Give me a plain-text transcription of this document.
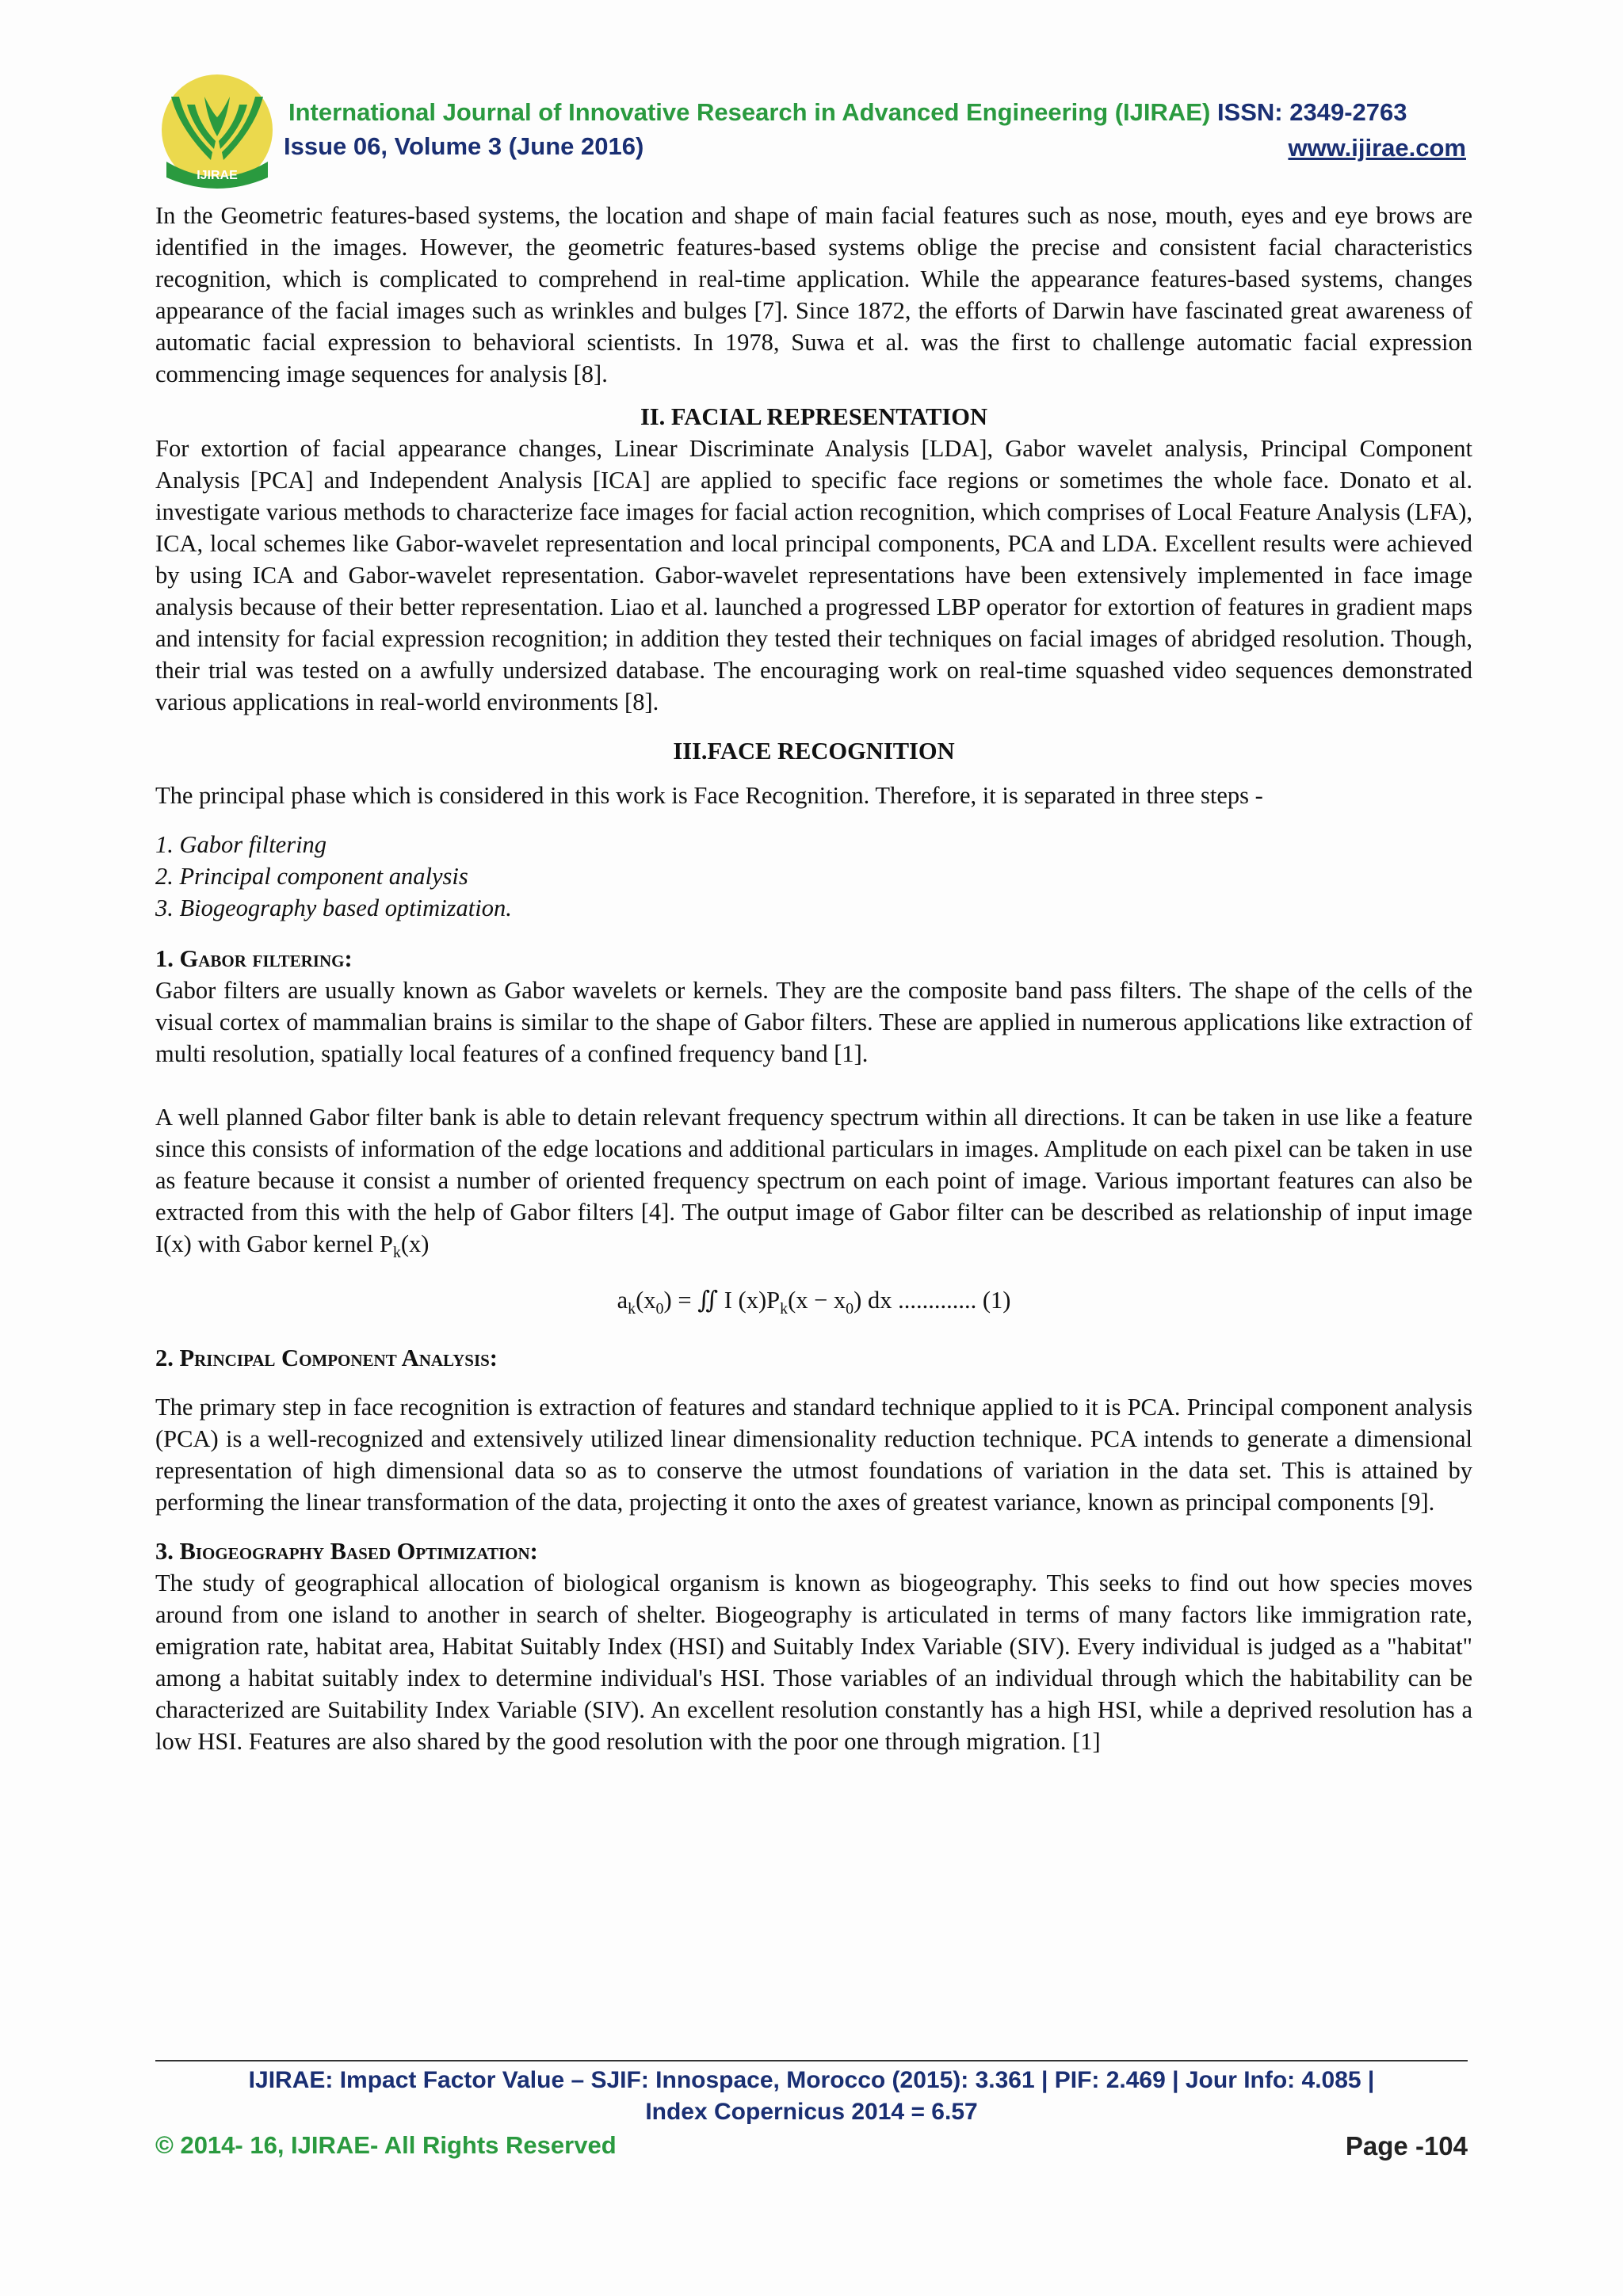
IJIRAE
International Journal of Innovative Research in Advanced Engineering (IJIRAE) ISSN: 2349-2763
Issue 06, Volume 3 (June 2016)	www.ijirae.com

In the Geometric features-based systems, the location and shape of main facial features such as nose, mouth, eyes and eye brows are identified in the images. However, the geometric features-based systems oblige the precise and consistent facial characteristics recognition, which is complicated to comprehend in real-time application. While the appearance features-based systems, changes appearance of the facial images such as wrinkles and bulges [7]. Since 1872, the efforts of Darwin have fascinated great awareness of automatic facial expression to behavioral scientists. In 1978, Suwa et al. was the first to challenge automatic facial expression commencing image sequences for analysis [8].

II. FACIAL REPRESENTATION

For extortion of facial appearance changes, Linear Discriminate Analysis [LDA], Gabor wavelet analysis, Principal Component Analysis [PCA] and Independent Analysis [ICA] are applied to specific face regions or sometimes the whole face. Donato et al. investigate various methods to characterize face images for facial action recognition, which comprises of Local Feature Analysis (LFA), ICA, local schemes like Gabor-wavelet representation and local principal components, PCA and LDA. Excellent results were achieved by using ICA and Gabor-wavelet representation. Gabor-wavelet representations have been extensively implemented in face image analysis because of their better representation. Liao et al. launched a progressed LBP operator for extortion of features in gradient maps and intensity for facial expression recognition; in addition they tested their techniques on facial images of abridged resolution. Though, their trial was tested on a awfully undersized database. The encouraging work on real-time squashed video sequences demonstrated various applications in real-world environments [8].

III.FACE RECOGNITION

The principal phase which is considered in this work is Face Recognition. Therefore, it is separated in three steps -

1. Gabor filtering

2. Principal component analysis

3. Biogeography based optimization.

1. Gabor filtering:

Gabor filters are usually known as Gabor wavelets or kernels. They are the composite band pass filters. The shape of the cells of the visual cortex of mammalian brains is similar to the shape of Gabor filters. These are applied in numerous applications like extraction of multi resolution, spatially local features of a confined frequency band [1].

A well planned Gabor filter bank is able to detain relevant frequency spectrum within all directions. It can be taken in use like a feature since this consists of information of the edge locations and additional particulars in images. Amplitude on each pixel can be taken in use as feature because it consist a number of oriented frequency spectrum on each point of image. Various important features can also be extracted from this with the help of Gabor filters [4]. The output image of Gabor filter can be described as relationship of input image I(x) with Gabor kernel $P_k(x)$

$a_k(x_0)$ = ∬ I $(x)P_k(x - x_0)$ dx ............. (1)

2. Principal Component Analysis:

The primary step in face recognition is extraction of features and standard technique applied to it is PCA. Principal component analysis (PCA) is a well-recognized and extensively utilized linear dimensionality reduction technique. PCA intends to generate a dimensional representation of high dimensional data so as to conserve the utmost foundations of variation in the data set. This is attained by performing the linear transformation of the data, projecting it onto the axes of greatest variance, known as principal components [9].

3. Biogeography Based Optimization:

The study of geographical allocation of biological organism is known as biogeography. This seeks to find out how species moves around from one island to another in search of shelter. Biogeography is articulated in terms of many factors like immigration rate, emigration rate, habitat area, Habitat Suitably Index (HSI) and Suitably Index Variable (SIV). Every individual is judged as a "habitat" among a habitat suitably index to determine individual's HSI. Those variables of an individual through which the habitability can be characterized are Suitability Index Variable (SIV). An excellent resolution constantly has a high HSI, while a deprived resolution has a low HSI. Features are also shared by the good resolution with the poor one through migration. [1]

IJIRAE: Impact Factor Value – SJIF: Innospace, Morocco (2015): 3.361 | PIF: 2.469 | Jour Info: 4.085 |
Index Copernicus 2014 = 6.57
© 2014- 16, IJIRAE- All Rights Reserved	Page -104
